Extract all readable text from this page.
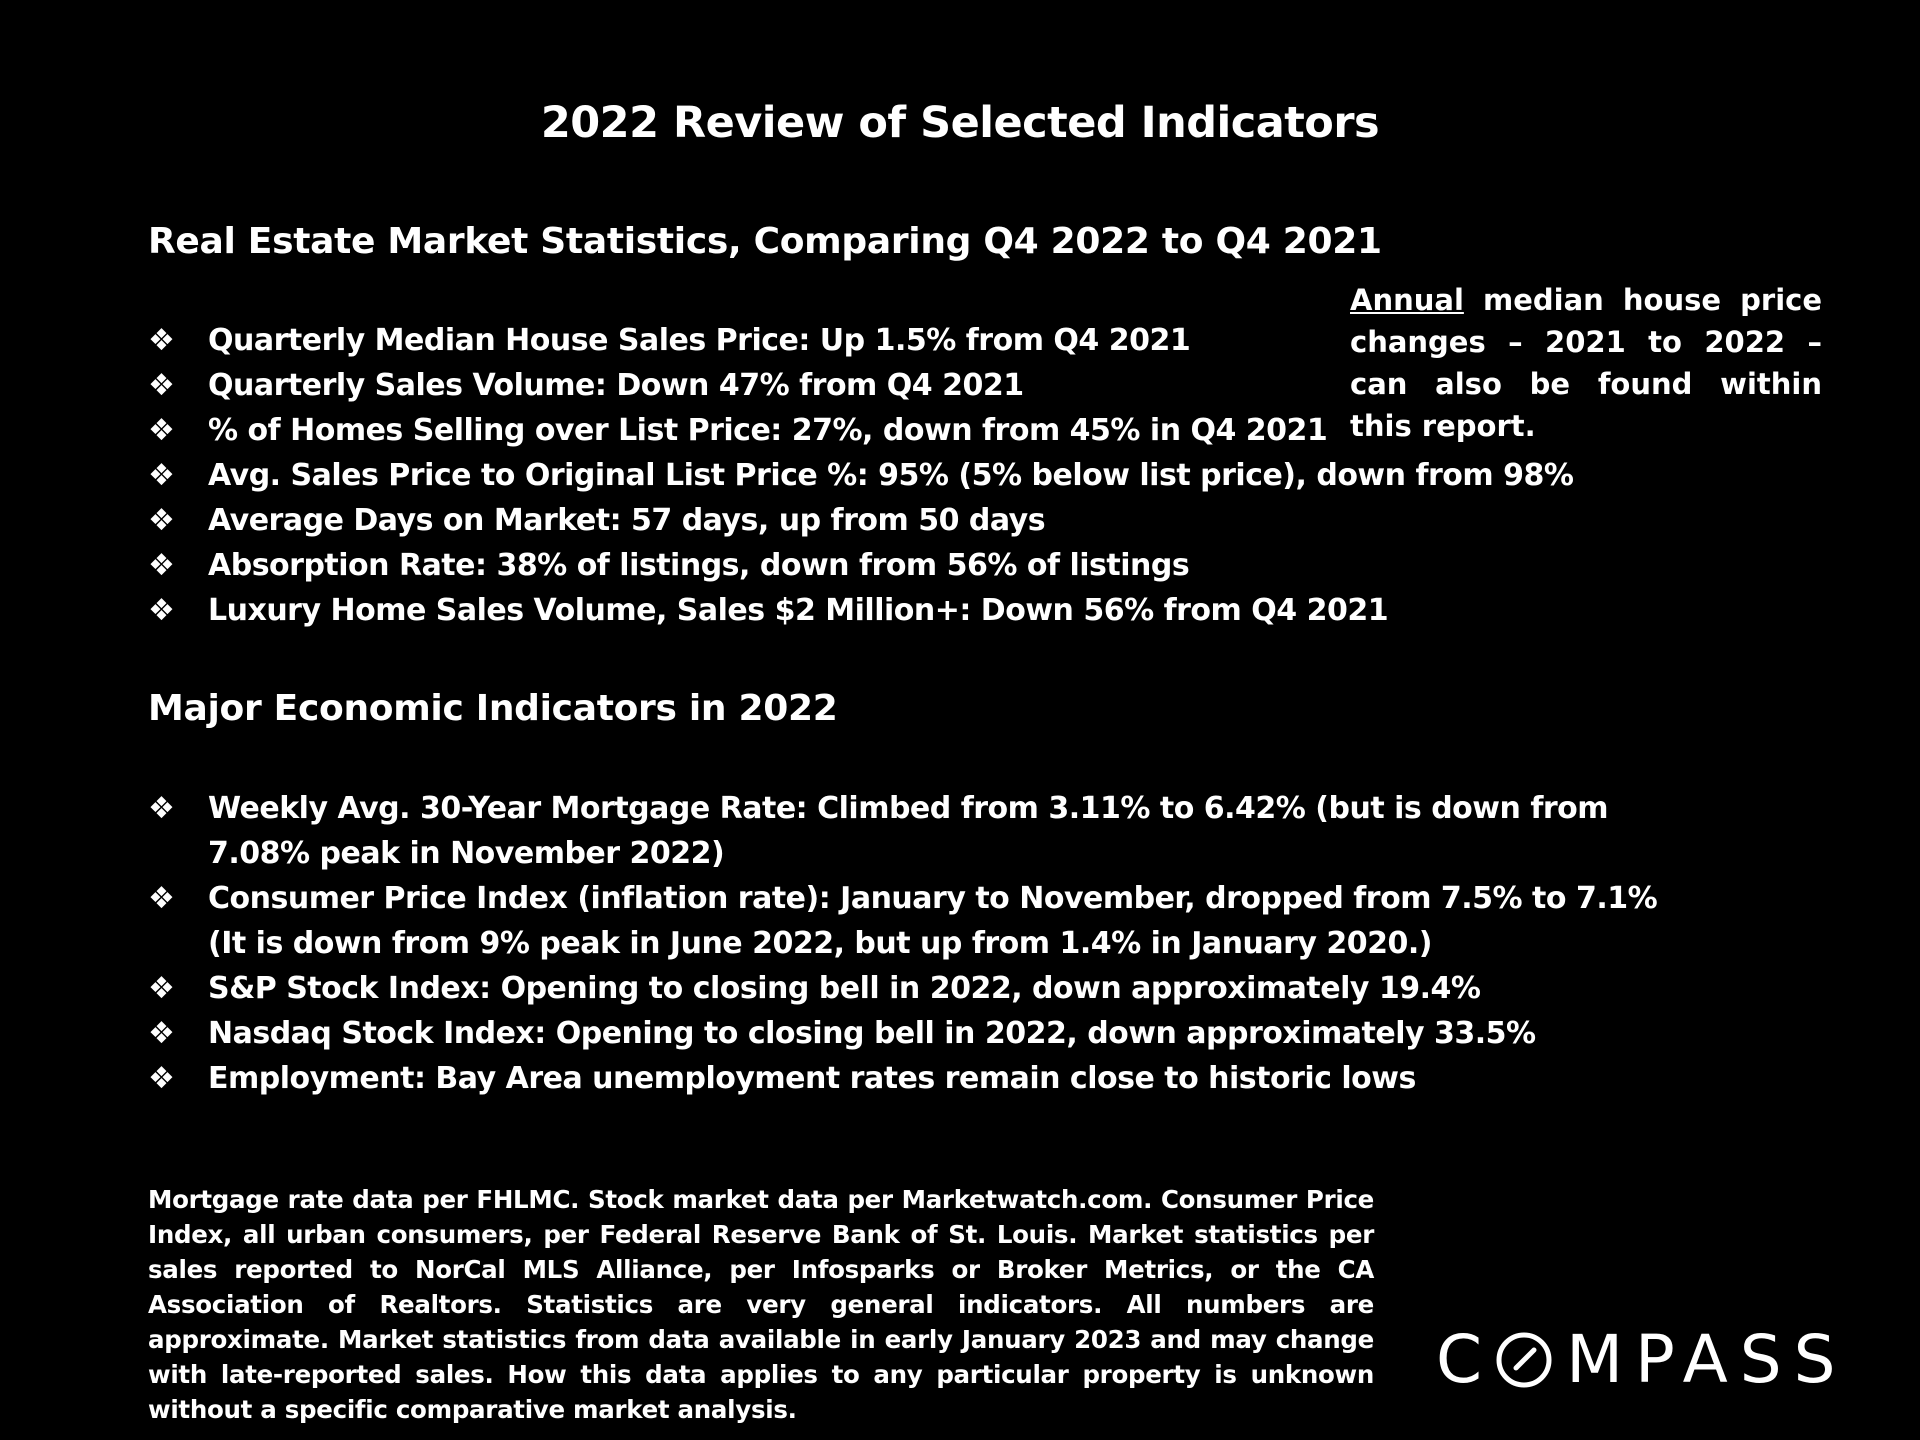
2022 Review of Selected Indicators
Real Estate Market Statistics, Comparing Q4 2022 to Q4 2021
❖ Quarterly Median House Sales Price: Up 1.5% from Q4 2021
❖ Quarterly Sales Volume: Down 47% from Q4 2021
❖ % of Homes Selling over List Price: 27%, down from 45% in Q4 2021
❖ Avg. Sales Price to Original List Price %: 95% (5% below list price), down from 98%
❖ Average Days on Market: 57 days, up from 50 days
❖ Absorption Rate: 38% of listings, down from 56% of listings
❖ Luxury Home Sales Volume, Sales $2 Million+: Down 56% from Q4 2021
Annual median house price changes – 2021 to 2022 – can also be found within this report.
Major Economic Indicators in 2022
❖ Weekly Avg. 30-Year Mortgage Rate: Climbed from 3.11% to 6.42% (but is down from
7.08% peak in November 2022)
❖ Consumer Price Index (inflation rate): January to November, dropped from 7.5% to 7.1%
(It is down from 9% peak in June 2022, but up from 1.4% in January 2020.)
❖ S&P Stock Index: Opening to closing bell in 2022, down approximately 19.4%
❖ Nasdaq Stock Index: Opening to closing bell in 2022, down approximately 33.5%
❖ Employment: Bay Area unemployment rates remain close to historic lows
Mortgage rate data per FHLMC. Stock market data per Marketwatch.com. Consumer Price Index, all urban consumers, per Federal Reserve Bank of St. Louis. Market statistics per sales reported to NorCal MLS Alliance, per Infosparks or Broker Metrics, or the CA Association of Realtors. Statistics are very general indicators. All numbers are approximate. Market statistics from data available in early January 2023 and may change with late-reported sales. How this data applies to any particular property is unknown without a specific comparative market analysis.
C MPASS
